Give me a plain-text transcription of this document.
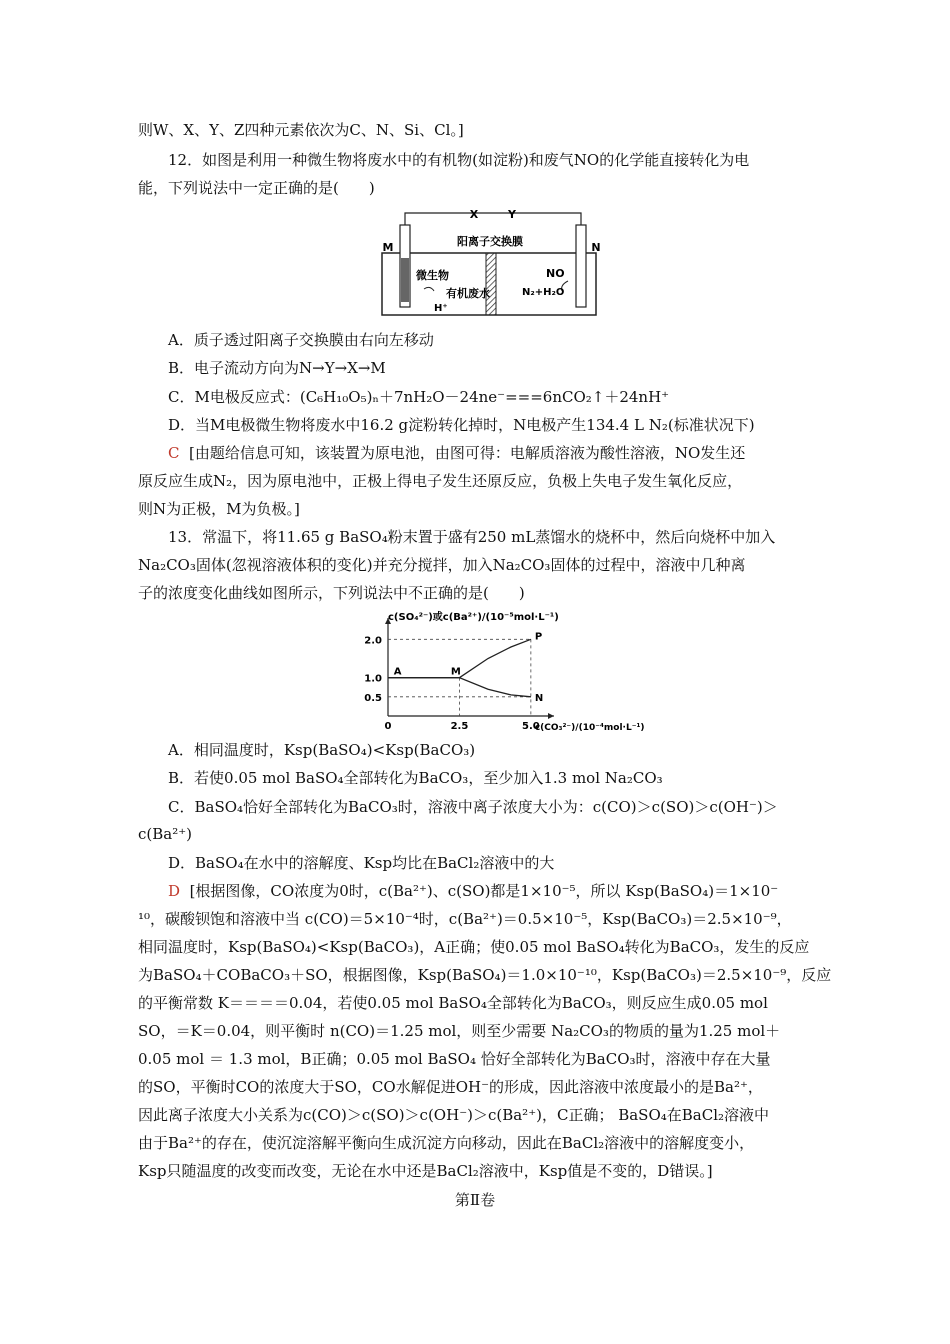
则W、X、Y、Z四种元素依次为C、N、Si、Cl。]
12．如图是利用一种微生物将废水中的有机物(如淀粉)和废气NO的化学能直接转化为电
能，下列说法中一定正确的是(　　)
X	Y
阳离子交换膜
M	N
微生物
有机废水
H⁺
NO
N₂+H₂O
A．质子透过阳离子交换膜由右向左移动
B．电子流动方向为N→Y→X→M
C．M电极反应式：(C₆H₁₀O₅)ₙ＋7nH₂O－24ne⁻===6nCO₂↑＋24nH⁺
D．当M电极微生物将废水中16.2 g淀粉转化掉时，N电极产生134.4 L N₂(标准状况下)
C [由题给信息可知，该装置为原电池，由图可得：电解质溶液为酸性溶液，NO发生还
原反应生成N₂，因为原电池中，正极上得电子发生还原反应，负极上失电子发生氧化反应，
则N为正极，M为负极。]
13．常温下，将11.65 g BaSO₄粉末置于盛有250 mL蒸馏水的烧杯中，然后向烧杯中加入
Na₂CO₃固体(忽视溶液体积的变化)并充分搅拌，加入Na₂CO₃固体的过程中，溶液中几种离
子的浓度变化曲线如图所示，下列说法中不正确的是(　　)
0	2.5	5.0
0.5
1.0
2.0
A	M
P
N
c(SO₄²⁻)或c(Ba²⁺)/(10⁻⁵mol·L⁻¹)
c(CO₃²⁻)/(10⁻⁴mol·L⁻¹)
A．相同温度时，Ksp(BaSO₄)<Ksp(BaCO₃)
B．若使0.05 mol BaSO₄全部转化为BaCO₃，至少加入1.3 mol Na₂CO₃
C．BaSO₄恰好全部转化为BaCO₃时，溶液中离子浓度大小为：c(CO)＞c(SO)＞c(OH⁻)＞
c(Ba²⁺)
D．BaSO₄在水中的溶解度、Ksp均比在BaCl₂溶液中的大
D [根据图像，CO浓度为0时，c(Ba²⁺)、c(SO)都是1×10⁻⁵，所以 Ksp(BaSO₄)＝1×10⁻
¹⁰，碳酸钡饱和溶液中当 c(CO)＝5×10⁻⁴时，c(Ba²⁺)＝0.5×10⁻⁵，Ksp(BaCO₃)＝2.5×10⁻⁹，
相同温度时，Ksp(BaSO₄)<Ksp(BaCO₃)，A正确；使0.05 mol BaSO₄转化为BaCO₃，发生的反应
为BaSO₄＋COBaCO₃＋SO，根据图像，Ksp(BaSO₄)＝1.0×10⁻¹⁰，Ksp(BaCO₃)＝2.5×10⁻⁹，反应
的平衡常数 K＝＝＝＝0.04，若使0.05 mol BaSO₄全部转化为BaCO₃，则反应生成0.05 mol
SO，＝K＝0.04，则平衡时 n(CO)＝1.25 mol，则至少需要 Na₂CO₃的物质的量为1.25 mol＋
0.05 mol ＝ 1.3 mol，B正确；0.05 mol BaSO₄ 恰好全部转化为BaCO₃时，溶液中存在大量
的SO，平衡时CO的浓度大于SO，CO水解促进OH⁻的形成，因此溶液中浓度最小的是Ba²⁺，
因此离子浓度大小关系为c(CO)＞c(SO)＞c(OH⁻)＞c(Ba²⁺)，C正确； BaSO₄在BaCl₂溶液中
由于Ba²⁺的存在，使沉淀溶解平衡向生成沉淀方向移动，因此在BaCl₂溶液中的溶解度变小，
Ksp只随温度的改变而改变，无论在水中还是BaCl₂溶液中，Ksp值是不变的，D错误。]
第Ⅱ卷
